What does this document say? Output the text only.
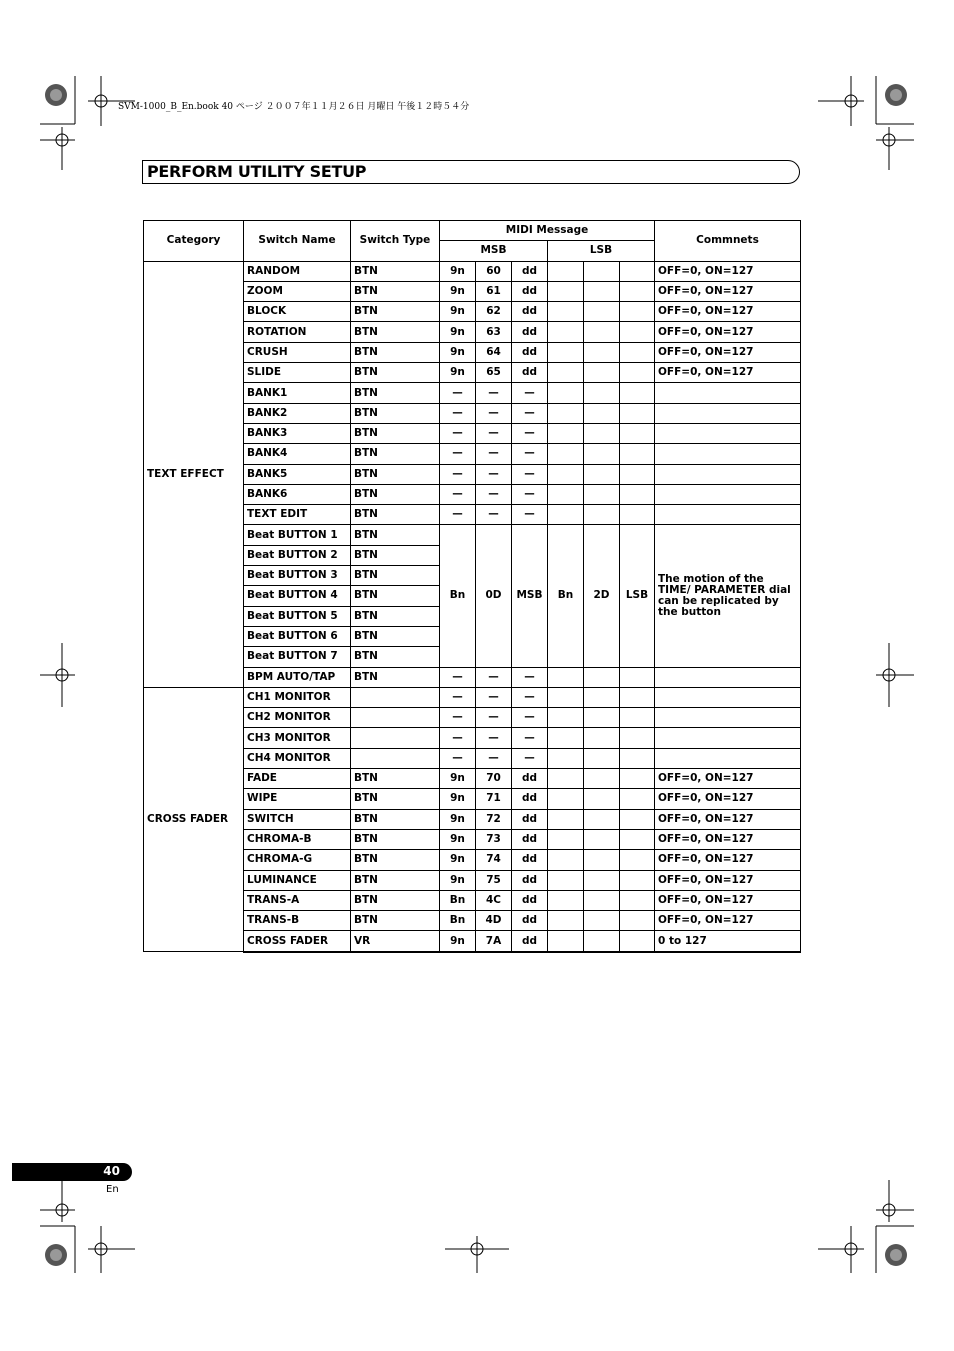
SVM-1000_B_En.book 40 ページ ２００７年１１月２６日 月曜日 午後１２時５４分
PERFORM UTILITY SETUP
Category	Switch Name	Switch Type	MIDI Message						Commnets
			MSB			LSB			
TEXT EFFECT	RANDOM	BTN	9n	60	dd				OFF=0, ON=127
	ZOOM	BTN	9n	61	dd				OFF=0, ON=127
	BLOCK	BTN	9n	62	dd				OFF=0, ON=127
	ROTATION	BTN	9n	63	dd				OFF=0, ON=127
	CRUSH	BTN	9n	64	dd				OFF=0, ON=127
	SLIDE	BTN	9n	65	dd				OFF=0, ON=127
	BANK1	BTN	—	—	—				
	BANK2	BTN	—	—	—				
	BANK3	BTN	—	—	—				
	BANK4	BTN	—	—	—				
	BANK5	BTN	—	—	—				
	BANK6	BTN	—	—	—				
	TEXT EDIT	BTN	—	—	—				
	Beat BUTTON 1	BTN	Bn	0D	MSB	Bn	2D	LSB	The motion of the TIME/ PARAMETER dial can be replicated by the button
	Beat BUTTON 2	BTN							
	Beat BUTTON 3	BTN							
	Beat BUTTON 4	BTN							
	Beat BUTTON 5	BTN							
	Beat BUTTON 6	BTN							
	Beat BUTTON 7	BTN							
	BPM AUTO/TAP	BTN	—	—	—				
CROSS FADER	CH1 MONITOR		—	—	—				
	CH2 MONITOR		—	—	—				
	CH3 MONITOR		—	—	—				
	CH4 MONITOR		—	—	—				
	FADE	BTN	9n	70	dd				OFF=0, ON=127
	WIPE	BTN	9n	71	dd				OFF=0, ON=127
	SWITCH	BTN	9n	72	dd				OFF=0, ON=127
	CHROMA-B	BTN	9n	73	dd				OFF=0, ON=127
	CHROMA-G	BTN	9n	74	dd				OFF=0, ON=127
	LUMINANCE	BTN	9n	75	dd				OFF=0, ON=127
	TRANS-A	BTN	Bn	4C	dd				OFF=0, ON=127
	TRANS-B	BTN	Bn	4D	dd				OFF=0, ON=127
	CROSS FADER	VR	9n	7A	dd				0 to 127
40
En
